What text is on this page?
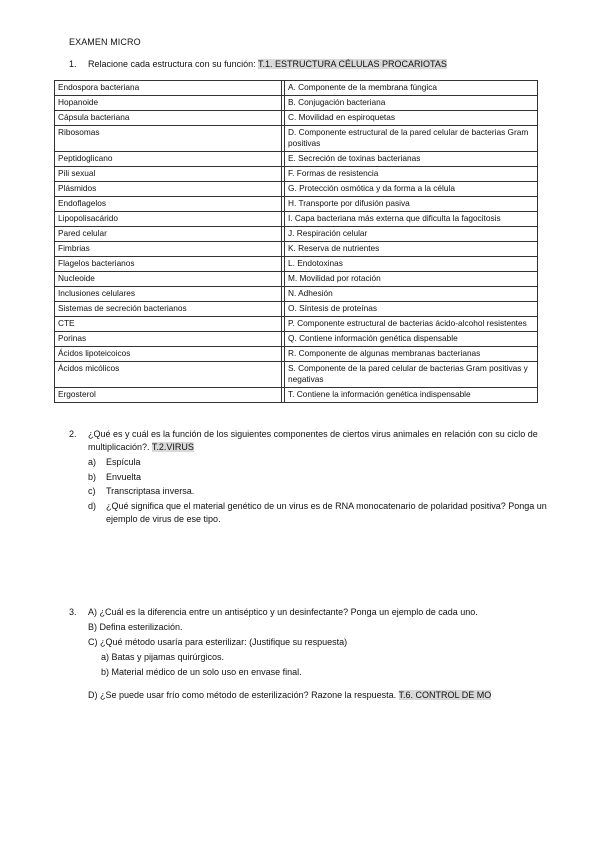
EXAMEN MICRO
1. Relacione cada estructura con su función: T.1. ESTRUCTURA CÉLULAS PROCARIOTAS
Endospora bacteriana		A. Componente de la membrana fúngica
Hopanoide		B. Conjugación bacteriana
Cápsula bacteriana		C. Movilidad en espiroquetas
Ribosomas		D. Componente estructural de la pared celular de bacterias Gram positivas
Peptidoglicano		E. Secreción de toxinas bacterianas
Pili sexual		F. Formas de resistencia
Plásmidos		G. Protección osmótica y da forma a la célula
Endoflagelos		H. Transporte por difusión pasiva
Lipopolisacárido		I. Capa bacteriana más externa que dificulta la fagocitosis
Pared celular		J. Respiración celular
Fimbrias		K. Reserva de nutrientes
Flagelos bacterianos		L. Endotoxinas
Nucleoide		M. Movilidad por rotación
Inclusiones celulares		N. Adhesión
Sistemas de secreción bacterianos		O. Síntesis de proteínas
CTE		P. Componente estructural de bacterias ácido-alcohol resistentes
Porinas		Q. Contiene información genética dispensable
Ácidos lipoteicoicos		R. Componente de algunas membranas bacterianas
Ácidos micólicos		S. Componente de la pared celular de bacterias Gram positivas y negativas
Ergosterol		T. Contiene la información genética indispensable
2.	¿Qué es y cuál es la función de los siguientes componentes de ciertos virus animales en relación con su ciclo de multiplicación?. T.2.VIRUS
a)	Espícula
b)	Envuelta
c)	Transcriptasa inversa.
d)	¿Qué significa que el material genético de un virus es de RNA monocatenario de polaridad positiva? Ponga un ejemplo de virus de ese tipo.
3.	A) ¿Cuál es la diferencia entre un antiséptico y un desinfectante? Ponga un ejemplo de cada uno.
B) Defina esterilización.
C) ¿Qué método usaría para esterilizar: (Justifique su respuesta)
a) Batas y pijamas quirúrgicos.
b) Material médico de un solo uso en envase final.
D) ¿Se puede usar frío como método de esterilización? Razone la respuesta. T.6. CONTROL DE MO
